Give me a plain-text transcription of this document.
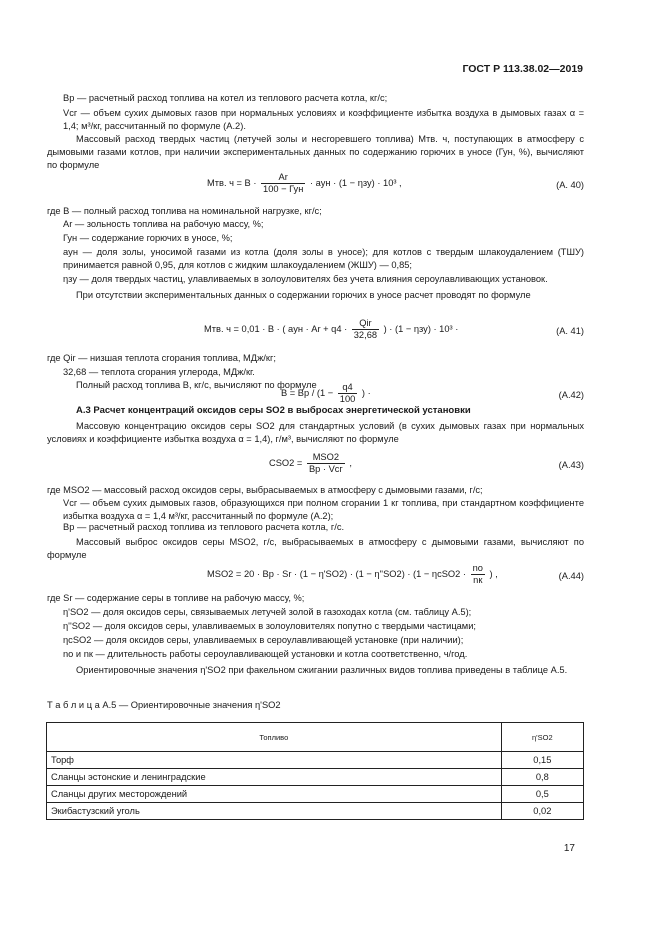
ГОСТ Р 113.38.02—2019
Bр — расчетный расход топлива на котел из теплового расчета котла, кг/с;
Vсг — объем сухих дымовых газов при нормальных условиях и коэффициенте избытка воздуха в дымовых газах α = 1,4; м³/кг, рассчитанный по формуле (А.2).
Массовый расход твердых частиц (летучей золы и несгоревшего топлива) Mтв. ч, поступающих в атмосферу с дымовыми газами котлов, при наличии экспериментальных данных по содержанию горючих в уносе (Гун, %), вычисляют по формуле
Mтв. $ч = B \cdot \frac{Ar}{\text{100 − Гун}}$ · aун · (1 − ηзу) · 10³ ,	(А. 40)
где B — полный расход топлива на номинальной нагрузке, кг/с;
Ar — зольность топлива на рабочую массу, %;
Гун — содержание горючих в уносе, %;
aун — доля золы, уносимой газами из котла (доля золы в уносе); для котлов с твердым шлакоудалением (ТШУ) принимается равной 0,95, для котлов с жидким шлакоудалением (ЖШУ) — 0,85;
ηзу — доля твердых частиц, улавливаемых в золоуловителях без учета влияния сероулавливающих установок.
При отсутствии экспериментальных данных о содержании горючих в уносе расчет проводят по формуле
Mтв. ч = 0,01 · B · ( aун · $Ar + q4 \cdot \frac{\text{Qir}}{32,68}$ ) · (1 − ηзу) · 10³ ·	(А. 41)
где Qir — низшая теплота сгорания топлива, МДж/кг;
32,68 — теплота сгорания углерода, МДж/кг.
Полный расход топлива B, кг/с, вычисляют по формуле
B = Bр / ($1 - \frac{q4}{100}$ ) ·	(А.42)
А.3 Расчет концентраций оксидов серы SO2 в выбросах энергетической установки
Массовую концентрацию оксидов серы SO2 для стандартных условий (в сухих дымовых газах при нормальных условиях и коэффициенте избытка воздуха α = 1,4), г/м³, вычисляют по формуле
$CSO2 = \frac{\text{MSO2}}{\text{Bр · Vсг}}$ ,	(А.43)
где MSO2 — массовый расход оксидов серы, выбрасываемых в атмосферу с дымовыми газами, г/с;
Vсг — объем сухих дымовых газов, образующихся при полном сгорании 1 кг топлива, при стандартном коэффициенте избытка воздуха α = 1,4 м³/кг, рассчитанный по формуле (А.2);
Bр — расчетный расход топлива из теплового расчета котла, г/с.
Массовый выброс оксидов серы MSO2, г/с, выбрасываемых в атмосферу с дымовыми газами, вычисляют по формуле
MSO2 = 20 · Bр · $Sr \cdot (1 - \eta'SO2) \cdot (1 - \eta''SO2) \cdot (1 - \eta cSO2 \cdot \frac{no}{nк}$ ) ,	(А.44)
где Sr — содержание серы в топливе на рабочую массу, %;
η'SO2 — доля оксидов серы, связываемых летучей золой в газоходах котла (см. таблицу А.5);
η''SO2 — доля оксидов серы, улавливаемых в золоуловителях попутно с твердыми частицами;
ηcSO2 — доля оксидов серы, улавливаемых в сероулавливающей установке (при наличии);
no и nк — длительность работы сероулавливающей установки и котла соответственно, ч/год.
Ориентировочные значения η'SO2 при факельном сжигании различных видов топлива приведены в таблице А.5.
Т а б л и ц а А.5 — Ориентировочные значения η'SO2
Топливо	η'SO2
Торф	0,15
Сланцы эстонские и ленинградские	0,8
Сланцы других месторождений	0,5
Экибастузский уголь	0,02
17
